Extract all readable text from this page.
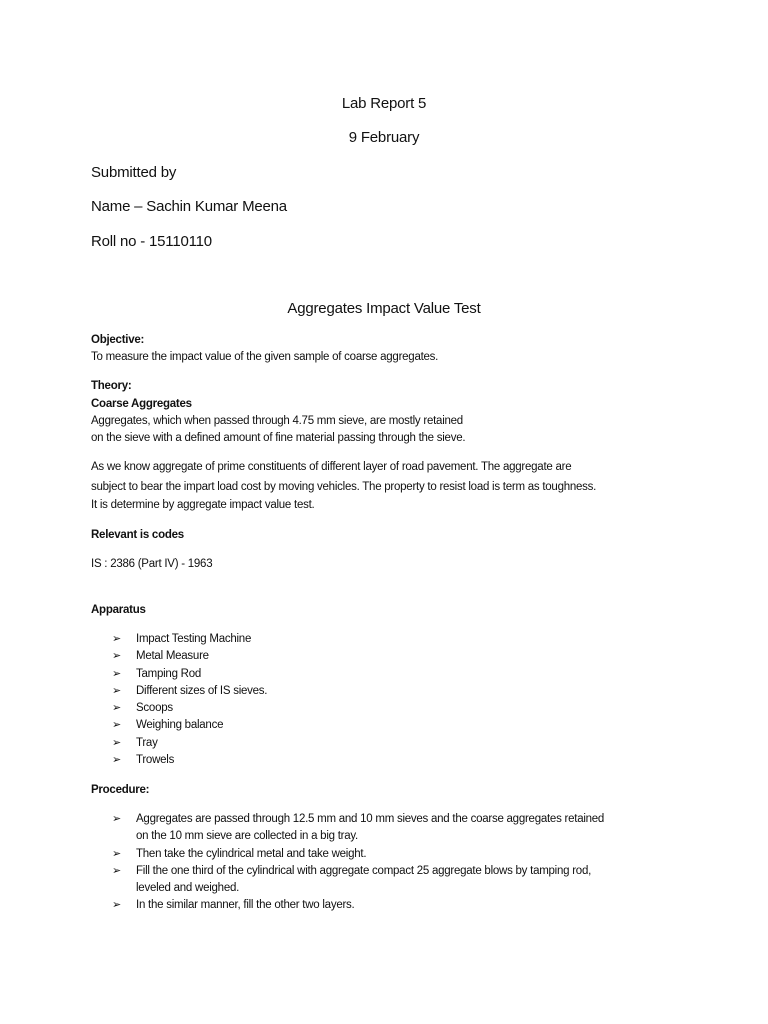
Lab Report 5
9 February
Submitted by
Name – Sachin Kumar Meena
Roll no - 15110110
Aggregates Impact Value Test
Objective:
To measure the impact value of the given sample of coarse aggregates.
Theory:
Coarse Aggregates
Aggregates, which when passed through 4.75 mm sieve, are mostly retained
on the sieve with a defined amount of fine material passing through the sieve.
As we know aggregate of prime constituents of different layer of road pavement. The aggregate are
subject to bear the impart load cost by moving vehicles. The property to resist load is term as toughness.
It is determine by aggregate impact value test.
Relevant is codes
IS : 2386 (Part IV) - 1963
Apparatus
➢ Impact Testing Machine
➢ Metal Measure
➢ Tamping Rod
➢ Different sizes of IS sieves.
➢ Scoops
➢ Weighing balance
➢ Tray
➢ Trowels
Procedure:
➢ Aggregates are passed through 12.5 mm and 10 mm sieves and the coarse aggregates retained
on the 10 mm sieve are collected in a big tray.
➢ Then take the cylindrical metal and take weight.
➢ Fill the one third of the cylindrical with aggregate compact 25 aggregate blows by tamping rod,
leveled and weighed.
➢ In the similar manner, fill the other two layers.
